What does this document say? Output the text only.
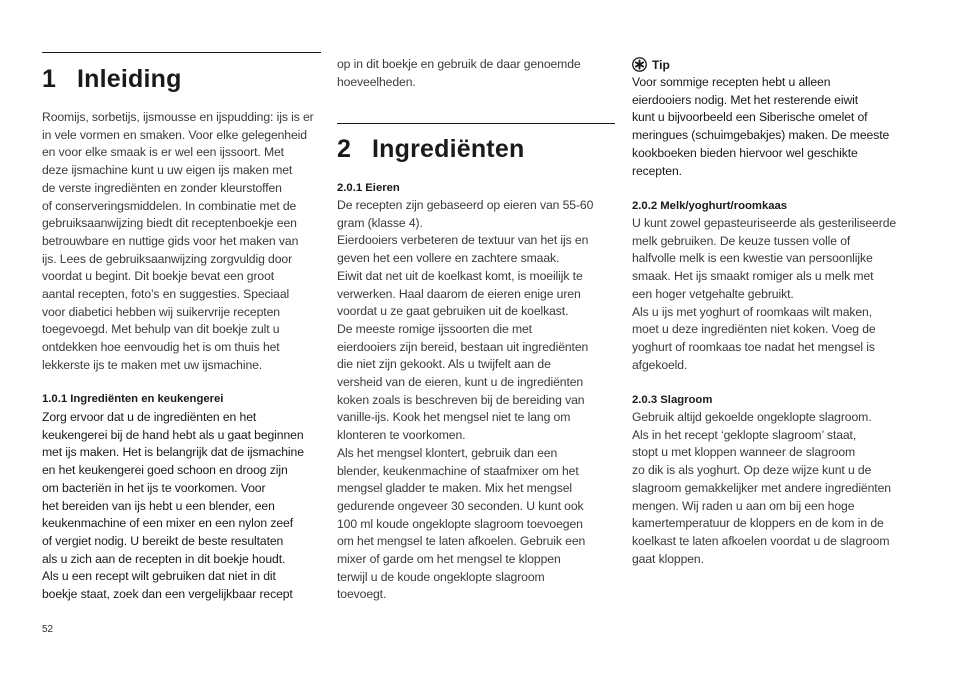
1 Inleiding
Roomijs, sorbetijs, ijsmousse en ijspudding: ijs is er
in vele vormen en smaken. Voor elke gelegenheid
en voor elke smaak is er wel een ijssoort. Met
deze ijsmachine kunt u uw eigen ijs maken met
de verste ingrediënten en zonder kleurstoffen
of conserveringsmiddelen. In combinatie met de
gebruiksaanwijzing biedt dit receptenboekje een
betrouwbare en nuttige gids voor het maken van
ijs. Lees de gebruiksaanwijzing zorgvuldig door
voordat u begint. Dit boekje bevat een groot
aantal recepten, foto’s en suggesties. Speciaal
voor diabetici hebben wij suikervrije recepten
toegevoegd. Met behulp van dit boekje zult u
ontdekken hoe eenvoudig het is om thuis het
lekkerste ijs te maken met uw ijsmachine.
1.0.1 Ingrediënten en keukengerei
Zorg ervoor dat u de ingrediënten en het
keukengerei bij de hand hebt als u gaat beginnen
met ijs maken. Het is belangrijk dat de ijsmachine
en het keukengerei goed schoon en droog zijn
om bacteriën in het ijs te voorkomen. Voor
het bereiden van ijs hebt u een blender, een
keukenmachine of een mixer en een nylon zeef
of vergiet nodig. U bereikt de beste resultaten
als u zich aan de recepten in dit boekje houdt.
Als u een recept wilt gebruiken dat niet in dit
boekje staat, zoek dan een vergelijkbaar recept
op in dit boekje en gebruik de daar genoemde
hoeveelheden.
2 Ingrediënten
2.0.1 Eieren
De recepten zijn gebaseerd op eieren van 55-60
gram (klasse 4).
Eierdooiers verbeteren de textuur van het ijs en
geven het een vollere en zachtere smaak.
Eiwit dat net uit de koelkast komt, is moeilijk te
verwerken. Haal daarom de eieren enige uren
voordat u ze gaat gebruiken uit de koelkast.
De meeste romige ijssoorten die met
eierdooiers zijn bereid, bestaan uit ingrediënten
die niet zijn gekookt. Als u twijfelt aan de
versheid van de eieren, kunt u de ingrediënten
koken zoals is beschreven bij de bereiding van
vanille-ijs. Kook het mengsel niet te lang om
klonteren te voorkomen.
Als het mengsel klontert, gebruik dan een
blender, keukenmachine of staafmixer om het
mengsel gladder te maken. Mix het mengsel
gedurende ongeveer 30 seconden. U kunt ook
100 ml koude ongeklopte slagroom toevoegen
om het mengsel te laten afkoelen. Gebruik een
mixer of garde om het mengsel te kloppen
terwijl u de koude ongeklopte slagroom
toevoegt.
Tip
Voor sommige recepten hebt u alleen
eierdooiers nodig. Met het resterende eiwit
kunt u bijvoorbeeld een Siberische omelet of
meringues (schuimgebakjes) maken. De meeste
kookboeken bieden hiervoor wel geschikte
recepten.
2.0.2 Melk/yoghurt/roomkaas
U kunt zowel gepasteuriseerde als gesteriliseerde
melk gebruiken. De keuze tussen volle of
halfvolle melk is een kwestie van persoonlijke
smaak. Het ijs smaakt romiger als u melk met
een hoger vetgehalte gebruikt.
Als u ijs met yoghurt of roomkaas wilt maken,
moet u deze ingrediënten niet koken. Voeg de
yoghurt of roomkaas toe nadat het mengsel is
afgekoeld.
2.0.3 Slagroom
Gebruik altijd gekoelde ongeklopte slagroom.
Als in het recept ‘geklopte slagroom’ staat,
stopt u met kloppen wanneer de slagroom
zo dik is als yoghurt. Op deze wijze kunt u de
slagroom gemakkelijker met andere ingrediënten
mengen. Wij raden u aan om bij een hoge
kamertemperatuur de kloppers en de kom in de
koelkast te laten afkoelen voordat u de slagroom
gaat kloppen.
52
